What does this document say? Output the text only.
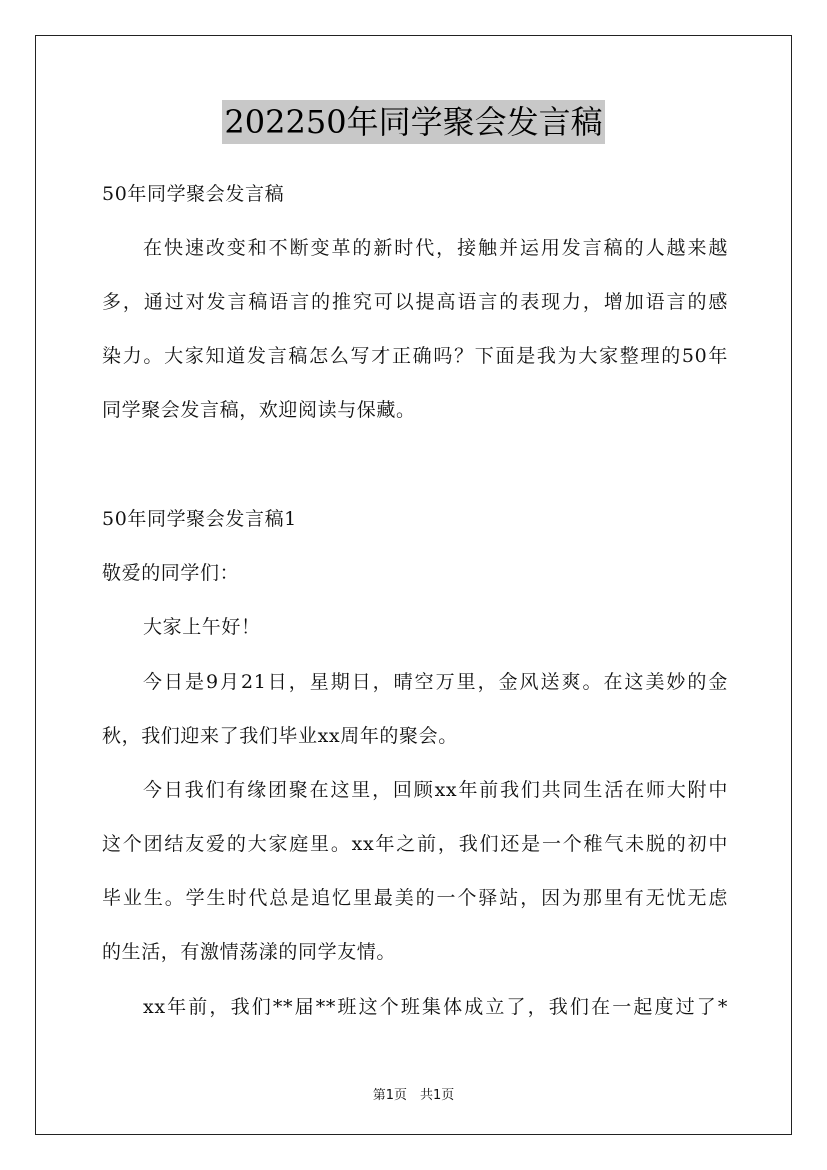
202250年同学聚会发言稿
50年同学聚会发言稿
在快速改变和不断变革的新时代，接触并运用发言稿的人越来越
多，通过对发言稿语言的推究可以提高语言的表现力，增加语言的感
染力。大家知道发言稿怎么写才正确吗？下面是我为大家整理的50年
同学聚会发言稿，欢迎阅读与保藏。
50年同学聚会发言稿1
敬爱的同学们：
大家上午好！
今日是9月21日，星期日，晴空万里，金风送爽。在这美妙的金
秋，我们迎来了我们毕业xx周年的聚会。
今日我们有缘团聚在这里，回顾xx年前我们共同生活在师大附中
这个团结友爱的大家庭里。xx年之前，我们还是一个稚气未脱的初中
毕业生。学生时代总是追忆里最美的一个驿站，因为那里有无忧无虑
的生活，有激情荡漾的同学友情。
xx年前，我们**届**班这个班集体成立了，我们在一起度过了*
第1页　共1页
